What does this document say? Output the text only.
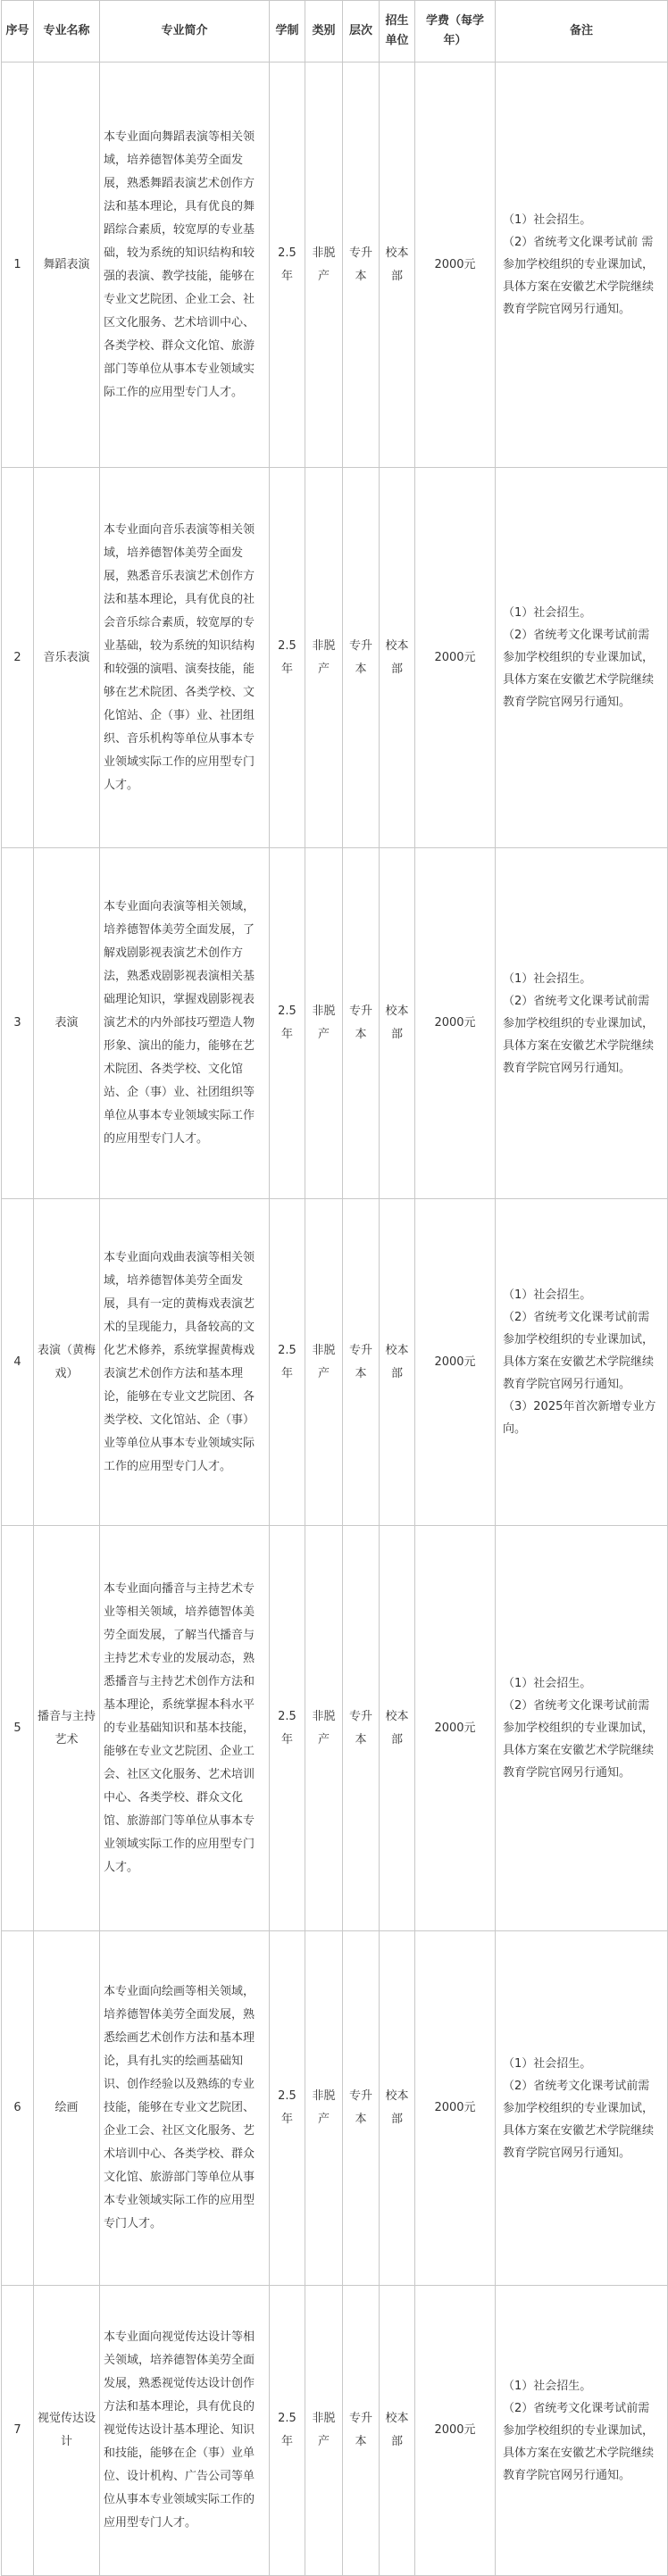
序号	专业名称	专业简介	学制	类别	层次	招生单位	学费（每学年）	备注
1	舞蹈表演	本专业面向舞蹈表演等相关领域，培养德智体美劳全面发展，熟悉舞蹈表演艺术创作方法和基本理论，具有优良的舞蹈综合素质，较宽厚的专业基础，较为系统的知识结构和较强的表演、教学技能，能够在专业文艺院团、企业工会、社区文化服务、艺术培训中心、各类学校、群众文化馆、旅游部门等单位从事本专业领域实际工作的应用型专门人才。	2.5年	非脱产	专升本	校本部	2000元	（1）社会招生。
（2）省统考文化课考试前 需参加学校组织的专业课加试，具体方案在安徽艺术学院继续教育学院官网另行通知。

2	音乐表演	本专业面向音乐表演等相关领域，培养德智体美劳全面发展，熟悉音乐表演艺术创作方法和基本理论，具有优良的社会音乐综合素质，较宽厚的专业基础，较为系统的知识结构和较强的演唱、演奏技能，能够在艺术院团、各类学校、文化馆站、企（事）业、社团组织、音乐机构等单位从事本专业领域实际工作的应用型专门人才。	2.5年	非脱产	专升本	校本部	2000元	（1）社会招生。
（2）省统考文化课考试前需参加学校组织的专业课加试，具体方案在安徽艺术学院继续教育学院官网另行通知。

3	表演	本专业面向表演等相关领域，培养德智体美劳全面发展，了解戏剧影视表演艺术创作方法，熟悉戏剧影视表演相关基础理论知识，掌握戏剧影视表演艺术的内外部技巧塑造人物形象、演出的能力，能够在艺术院团、各类学校、文化馆站、企（事）业、社团组织等单位从事本专业领域实际工作的应用型专门人才。	2.5年	非脱产	专升本	校本部	2000元	（1）社会招生。
（2）省统考文化课考试前需参加学校组织的专业课加试，具体方案在安徽艺术学院继续教育学院官网另行通知。

4	表演（黄梅戏）	本专业面向戏曲表演等相关领域，培养德智体美劳全面发展，具有一定的黄梅戏表演艺术的呈现能力，具备较高的文化艺术修养，系统掌握黄梅戏表演艺术创作方法和基本理论，能够在专业文艺院团、各类学校、文化馆站、企（事）业等单位从事本专业领域实际工作的应用型专门人才。	2.5年	非脱产	专升本	校本部	2000元	（1）社会招生。
（2）省统考文化课考试前需参加学校组织的专业课加试，具体方案在安徽艺术学院继续教育学院官网另行通知。
（3）2025年首次新增专业方向。

5	播音与主持艺术	本专业面向播音与主持艺术专业等相关领域，培养德智体美劳全面发展，了解当代播音与主持艺术专业的发展动态，熟悉播音与主持艺术创作方法和基本理论，系统掌握本科水平的专业基础知识和基本技能，能够在专业文艺院团、企业工会、社区文化服务、艺术培训中心、各类学校、群众文化馆、旅游部门等单位从事本专业领域实际工作的应用型专门人才。	2.5年	非脱产	专升本	校本部	2000元	（1）社会招生。
（2）省统考文化课考试前需参加学校组织的专业课加试，具体方案在安徽艺术学院继续教育学院官网另行通知。

6	绘画	本专业面向绘画等相关领域，培养德智体美劳全面发展，熟悉绘画艺术创作方法和基本理论，具有扎实的绘画基础知识、创作经验以及熟练的专业技能，能够在专业文艺院团、企业工会、社区文化服务、艺术培训中心、各类学校、群众文化馆、旅游部门等单位从事本专业领域实际工作的应用型专门人才。	2.5年	非脱产	专升本	校本部	2000元	（1）社会招生。
（2）省统考文化课考试前需参加学校组织的专业课加试，具体方案在安徽艺术学院继续教育学院官网另行通知。

7	视觉传达设计	本专业面向视觉传达设计等相关领域，培养德智体美劳全面发展，熟悉视觉传达设计创作方法和基本理论，具有优良的视觉传达设计基本理论、知识和技能，能够在企（事）业单位、设计机构、广告公司等单位从事本专业领域实际工作的应用型专门人才。	2.5年	非脱产	专升本	校本部	2000元	（1）社会招生。
（2）省统考文化课考试前需参加学校组织的专业课加试，具体方案在安徽艺术学院继续教育学院官网另行通知。
